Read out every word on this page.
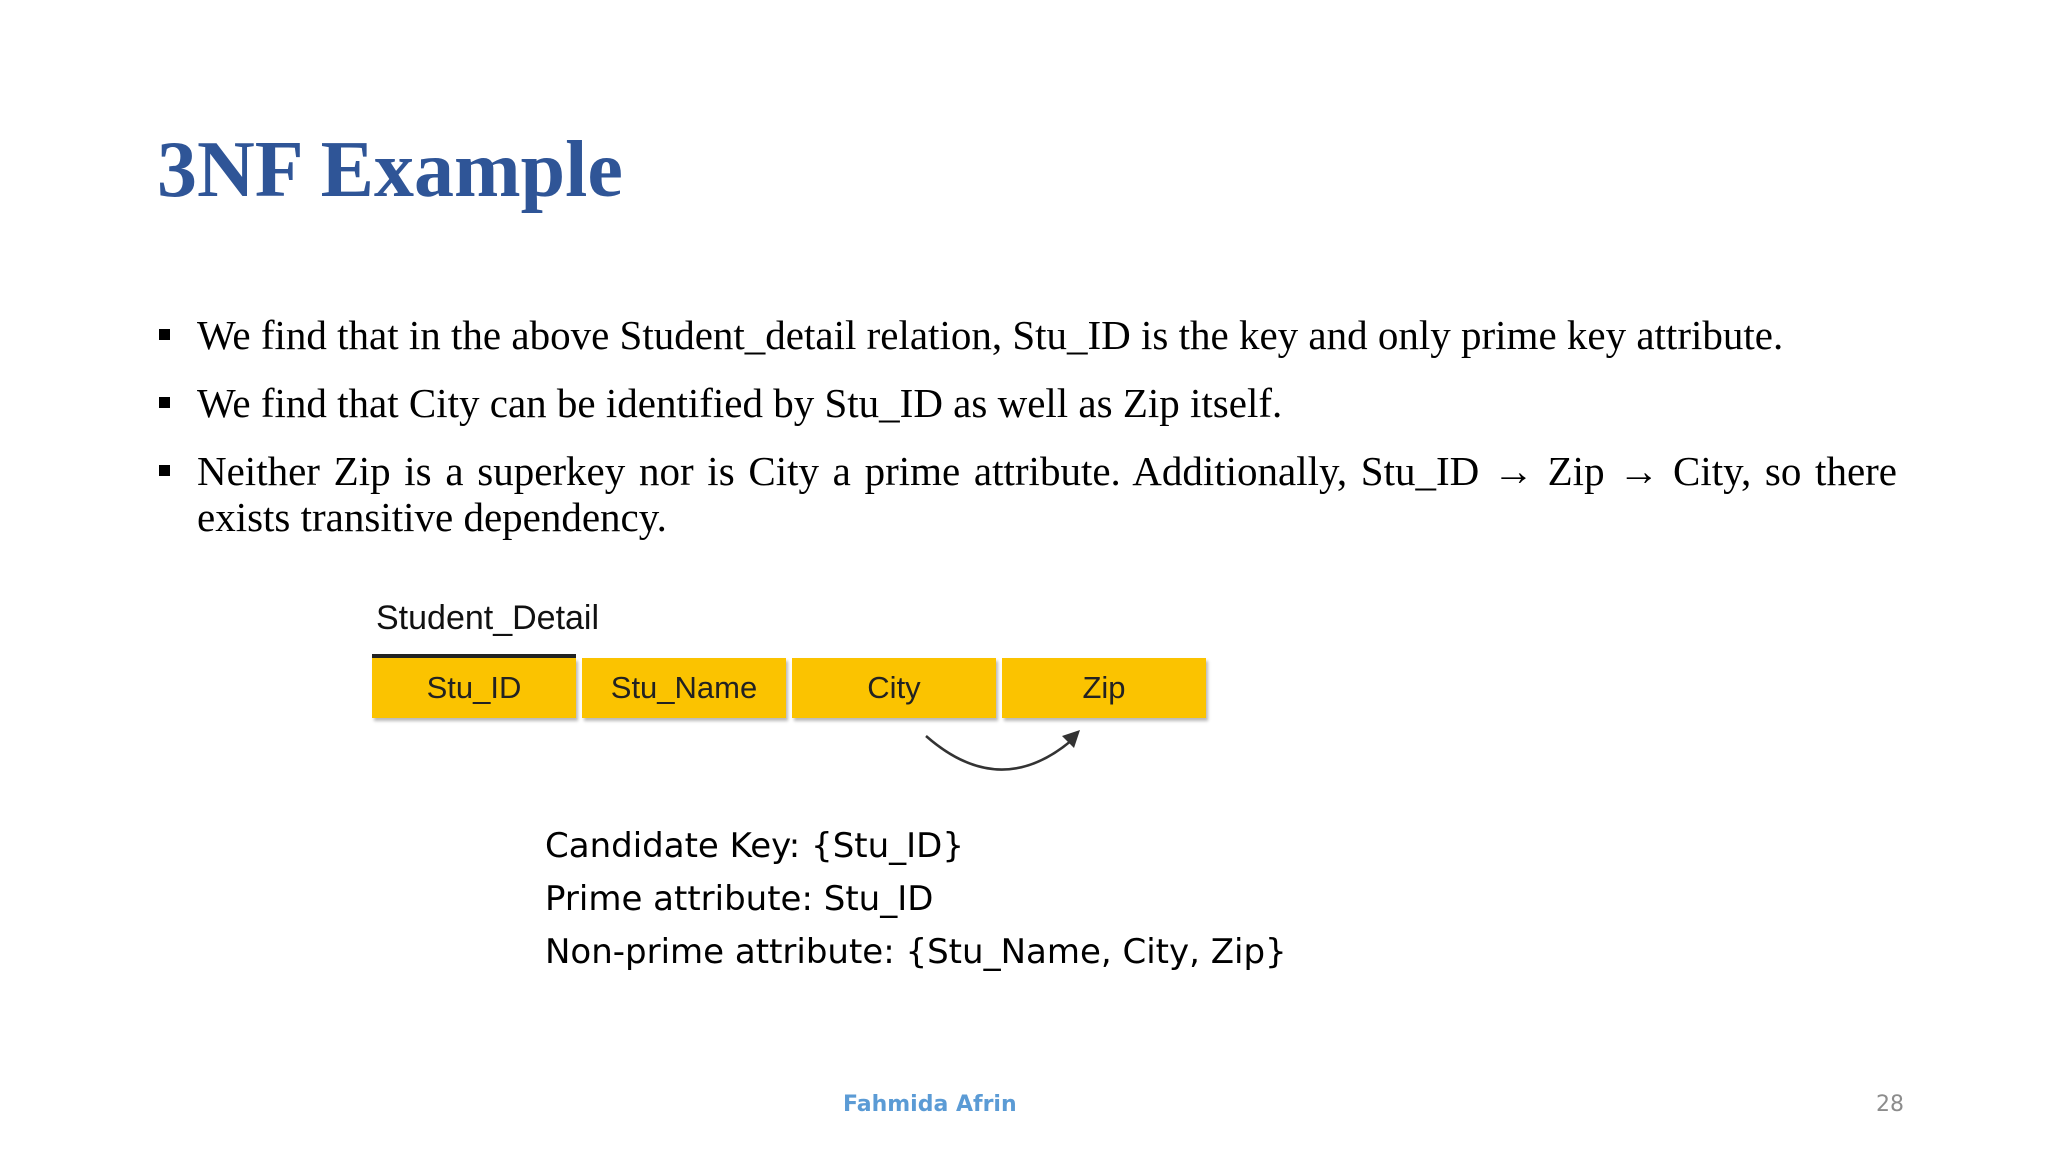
3NF Example
We find that in the above Student_detail relation, Stu_ID is the key and only prime key attribute.
We find that City can be identified by Stu_ID as well as Zip itself.
Neither Zip is a superkey nor is City a prime attribute. Additionally, Stu_ID → Zip → City, so there exists transitive dependency.
Student_Detail
Stu_ID	Stu_Name	City	Zip
Candidate Key: {Stu_ID}
Prime attribute: Stu_ID
Non-prime attribute: {Stu_Name, City, Zip}
Fahmida Afrin	28
